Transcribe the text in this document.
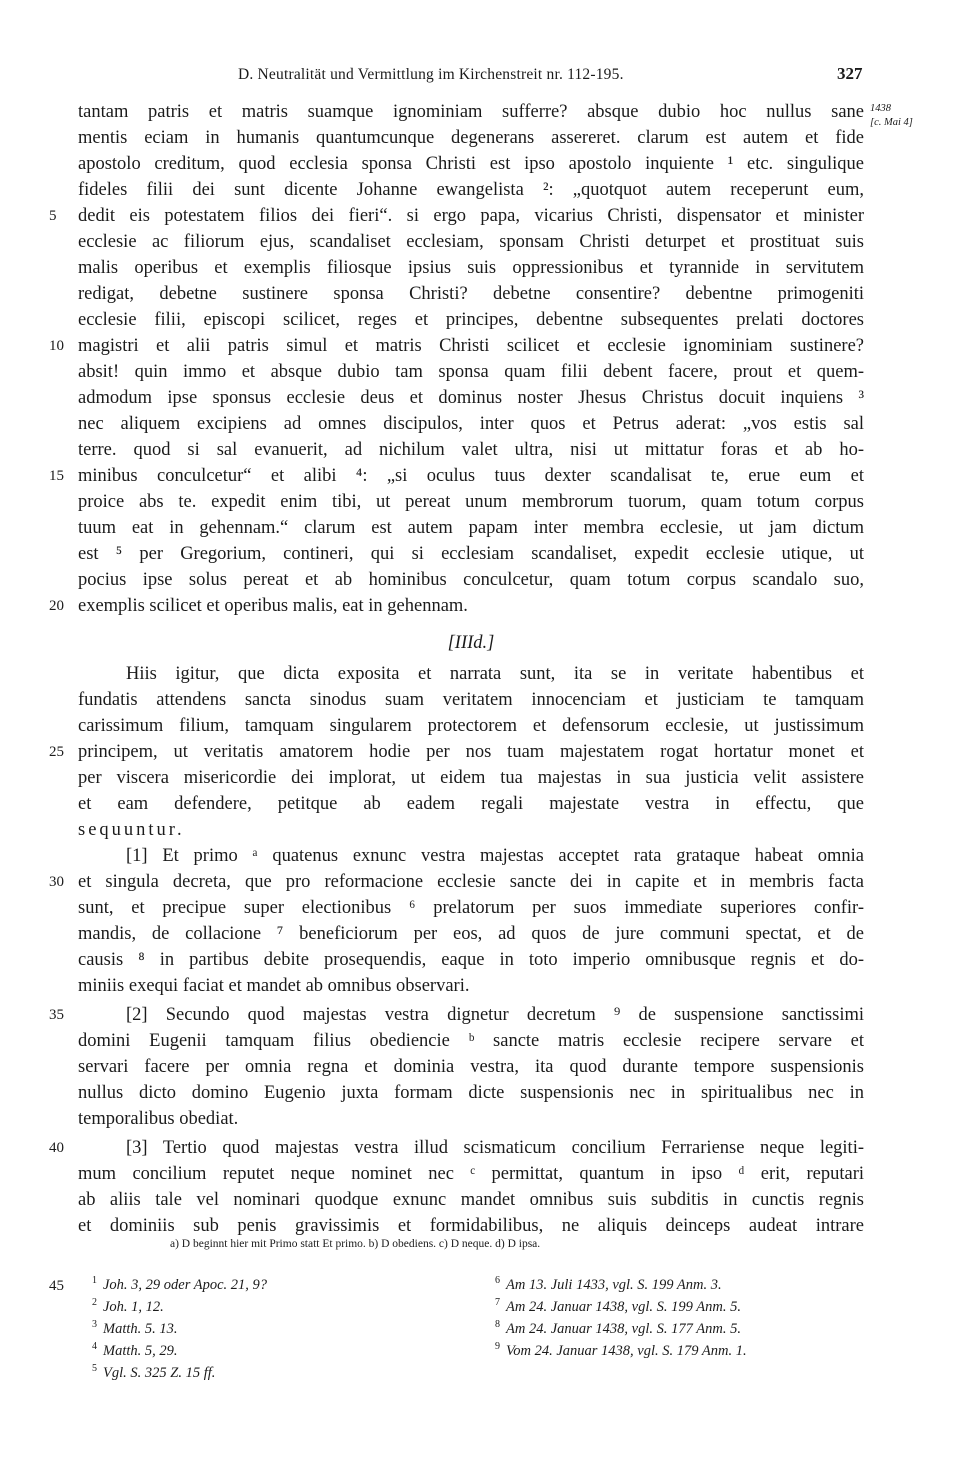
D. Neutralität und Vermittlung im Kirchenstreit nr. 112-195.	327
1438
[c. Mai 4]
tantam patris et matris suamque ignominiam sufferre? absque dubio hoc nullus sane
mentis eciam in humanis quantumcunque degenerans assereret. clarum est autem et fide
apostolo creditum, quod ecclesia sponsa Christi est ipso apostolo inquiente ¹ etc. singulique
fideles filii dei sunt dicente Johanne ewangelista ²: „quotquot autem receperunt eum,
dedit eis potestatem filios dei fieri“. si ergo papa, vicarius Christi, dispensator et minister
ecclesie ac filiorum ejus, scandaliset ecclesiam, sponsam Christi deturpet et prostituat suis
malis operibus et exemplis filiosque ipsius suis oppressionibus et tyrannide in servitutem
redigat, debetne sustinere sponsa Christi? debetne consentire? debentne primogeniti
ecclesie filii, episcopi scilicet, reges et principes, debentne subsequentes prelati doctores
magistri et alii patris simul et matris Christi scilicet et ecclesie ignominiam sustinere?
absit! quin immo et absque dubio tam sponsa quam filii debent facere, prout et quem-
admodum ipse sponsus ecclesie deus et dominus noster Jhesus Christus docuit inquiens ³
nec aliquem excipiens ad omnes discipulos, inter quos et Petrus aderat: „vos estis sal
terre. quod si sal evanuerit, ad nichilum valet ultra, nisi ut mittatur foras et ab ho-
minibus conculcetur“ et alibi ⁴: „si oculus tuus dexter scandalisat te, erue eum et
proice abs te. expedit enim tibi, ut pereat unum membrorum tuorum, quam totum corpus
tuum eat in gehennam.“ clarum est autem papam inter membra ecclesie, ut jam dictum
est ⁵ per Gregorium, contineri, qui si ecclesiam scandaliset, expedit ecclesie utique, ut
pocius ipse solus pereat et ab hominibus conculcetur, quam totum corpus scandalo suo,
exemplis scilicet et operibus malis, eat in gehennam.
[IIId.]
Hiis igitur, que dicta exposita et narrata sunt, ita se in veritate habentibus et
fundatis attendens sancta sinodus suam veritatem innocenciam et justiciam te tamquam
carissimum filium, tamquam singularem protectorem et defensorum ecclesie, ut justissimum
principem, ut veritatis amatorem hodie per nos tuam majestatem rogat hortatur monet et
per viscera misericordie dei implorat, ut eidem tua majestas in sua justicia velit assistere
et eam defendere, petitque ab eadem regali majestate vestra in effectu, que
sequuntur.
[1] Et primo ᵃ quatenus exnunc vestra majestas acceptet rata grataque habeat omnia
et singula decreta, que pro reformacione ecclesie sancte dei in capite et in membris facta
sunt, et precipue super electionibus ⁶ prelatorum per suos immediate superiores confir-
mandis, de collacione ⁷ beneficiorum per eos, ad quos de jure communi spectat, et de
causis ⁸ in partibus debite prosequendis, eaque in toto imperio omnibusque regnis et do-
miniis exequi faciat et mandet ab omnibus observari.
[2] Secundo quod majestas vestra dignetur decretum ⁹ de suspensione sanctissimi
domini Eugenii tamquam filius obediencie ᵇ sancte matris ecclesie recipere servare et
servari facere per omnia regna et dominia vestra, ita quod durante tempore suspensionis
nullus dicto domino Eugenio juxta formam dicte suspensionis nec in spiritualibus nec in
temporalibus obediat.
[3] Tertio quod majestas vestra illud scismaticum concilium Ferrariense neque legiti-
mum concilium reputet neque nominet nec ᶜ permittat, quantum in ipso ᵈ erit, reputari
ab aliis tale vel nominari quodque exnunc mandet omnibus suis subditis in cunctis regnis
et dominiis sub penis gravissimis et formidabilibus, ne aliquis deinceps audeat intrare
5
10
15
20
25
30
35
40
45
a) D beginnt hier mit Primo statt Et primo. b) D obediens. c) D neque. d) D ipsa.
$^1$ Joh. 3, 29 oder Apoc. 21, 9?
$^2$ Joh. 1, 12.
$^3$ Matth. 5. 13.
$^4$ Matth. 5, 29.
$^5$ Vgl. S. 325 Z. 15 ff.
$^6$ Am 13. Juli 1433, vgl. S. 199 Anm. 3.
$^7$ Am 24. Januar 1438, vgl. S. 199 Anm. 5.
$^8$ Am 24. Januar 1438, vgl. S. 177 Anm. 5.
$^9$ Vom 24. Januar 1438, vgl. S. 179 Anm. 1.
